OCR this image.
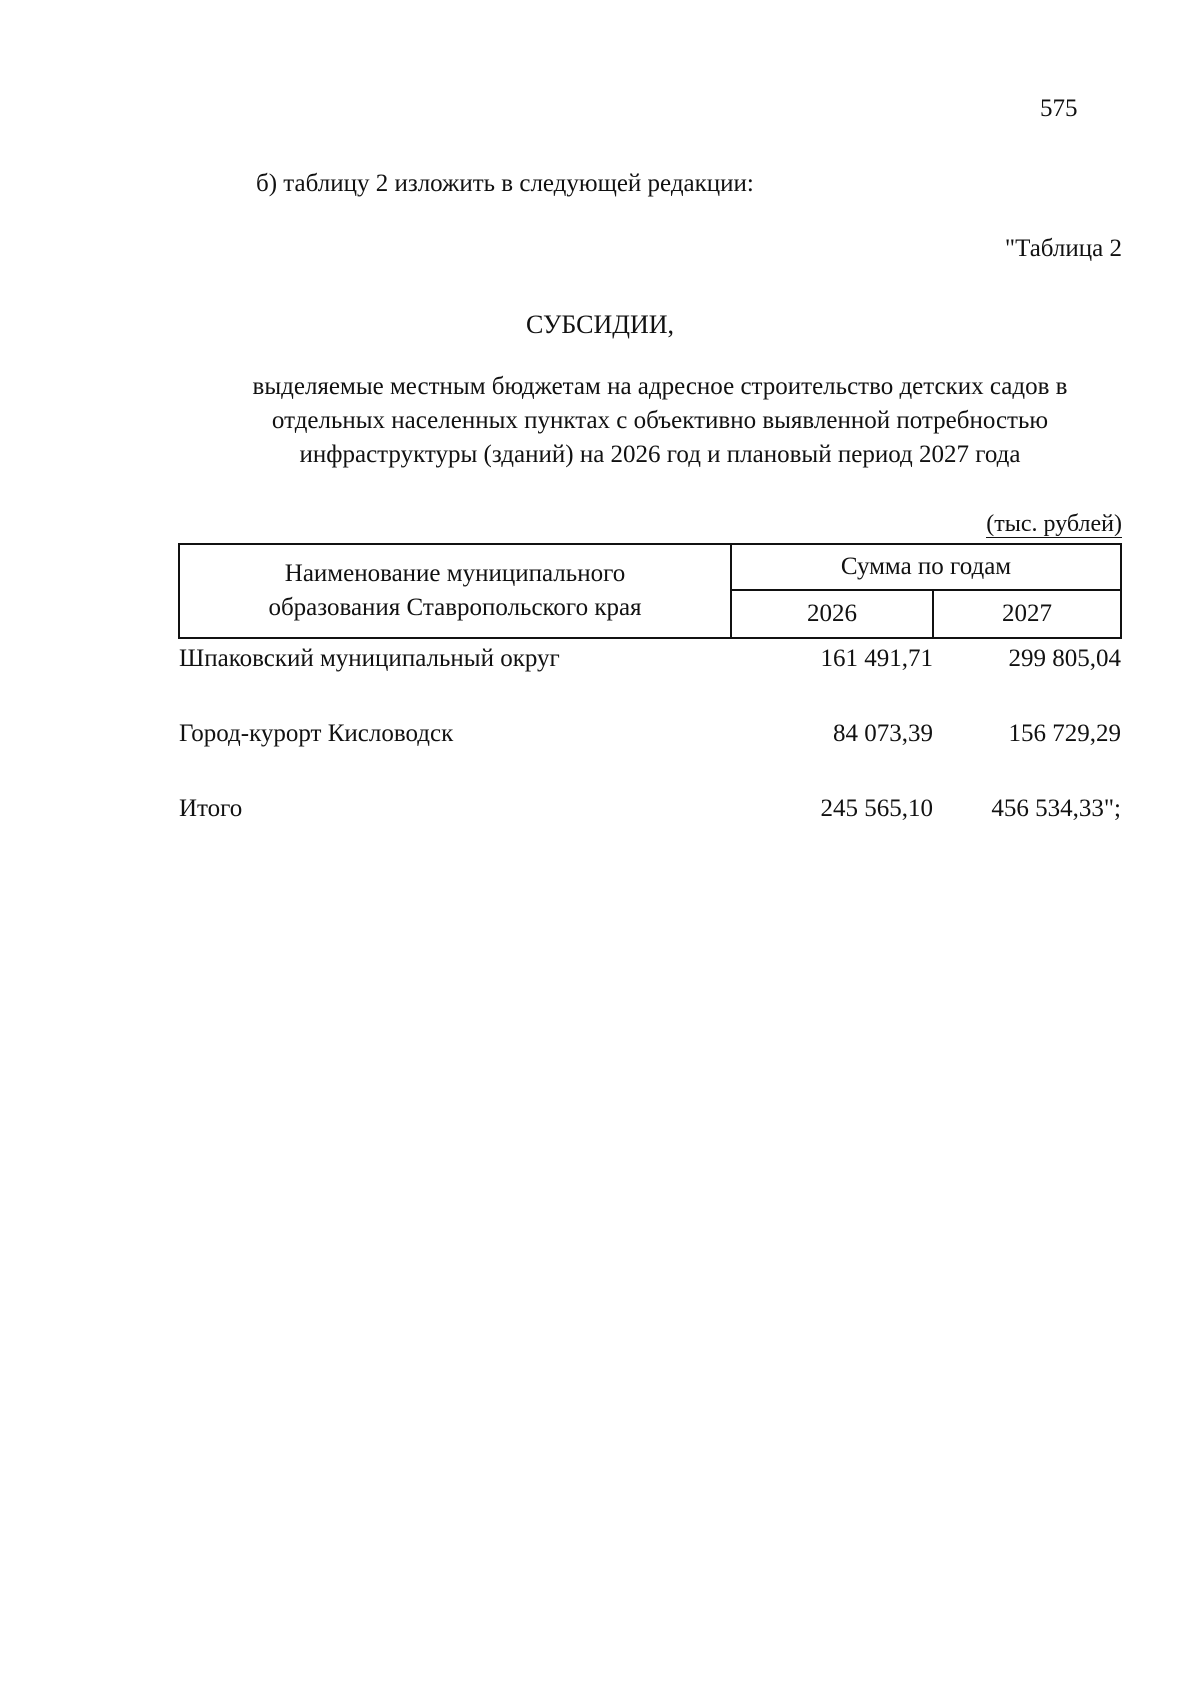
575
б) таблицу 2 изложить в следующей редакции:
"Таблица 2
СУБСИДИИ,
выделяемые местным бюджетам на адресное строительство детских садов в
отдельных населенных пунктах с объективно выявленной потребностью
инфраструктуры (зданий) на 2026 год и плановый период 2027 года
(тыс. рублей)
Наименование муниципального
образования Ставропольского края	Сумма по годам	
	2026	2027
Шпаковский муниципальный округ	161 491,71	299 805,04
Город-курорт Кисловодск	84 073,39	156 729,29
Итого	245 565,10	456 534,33";
